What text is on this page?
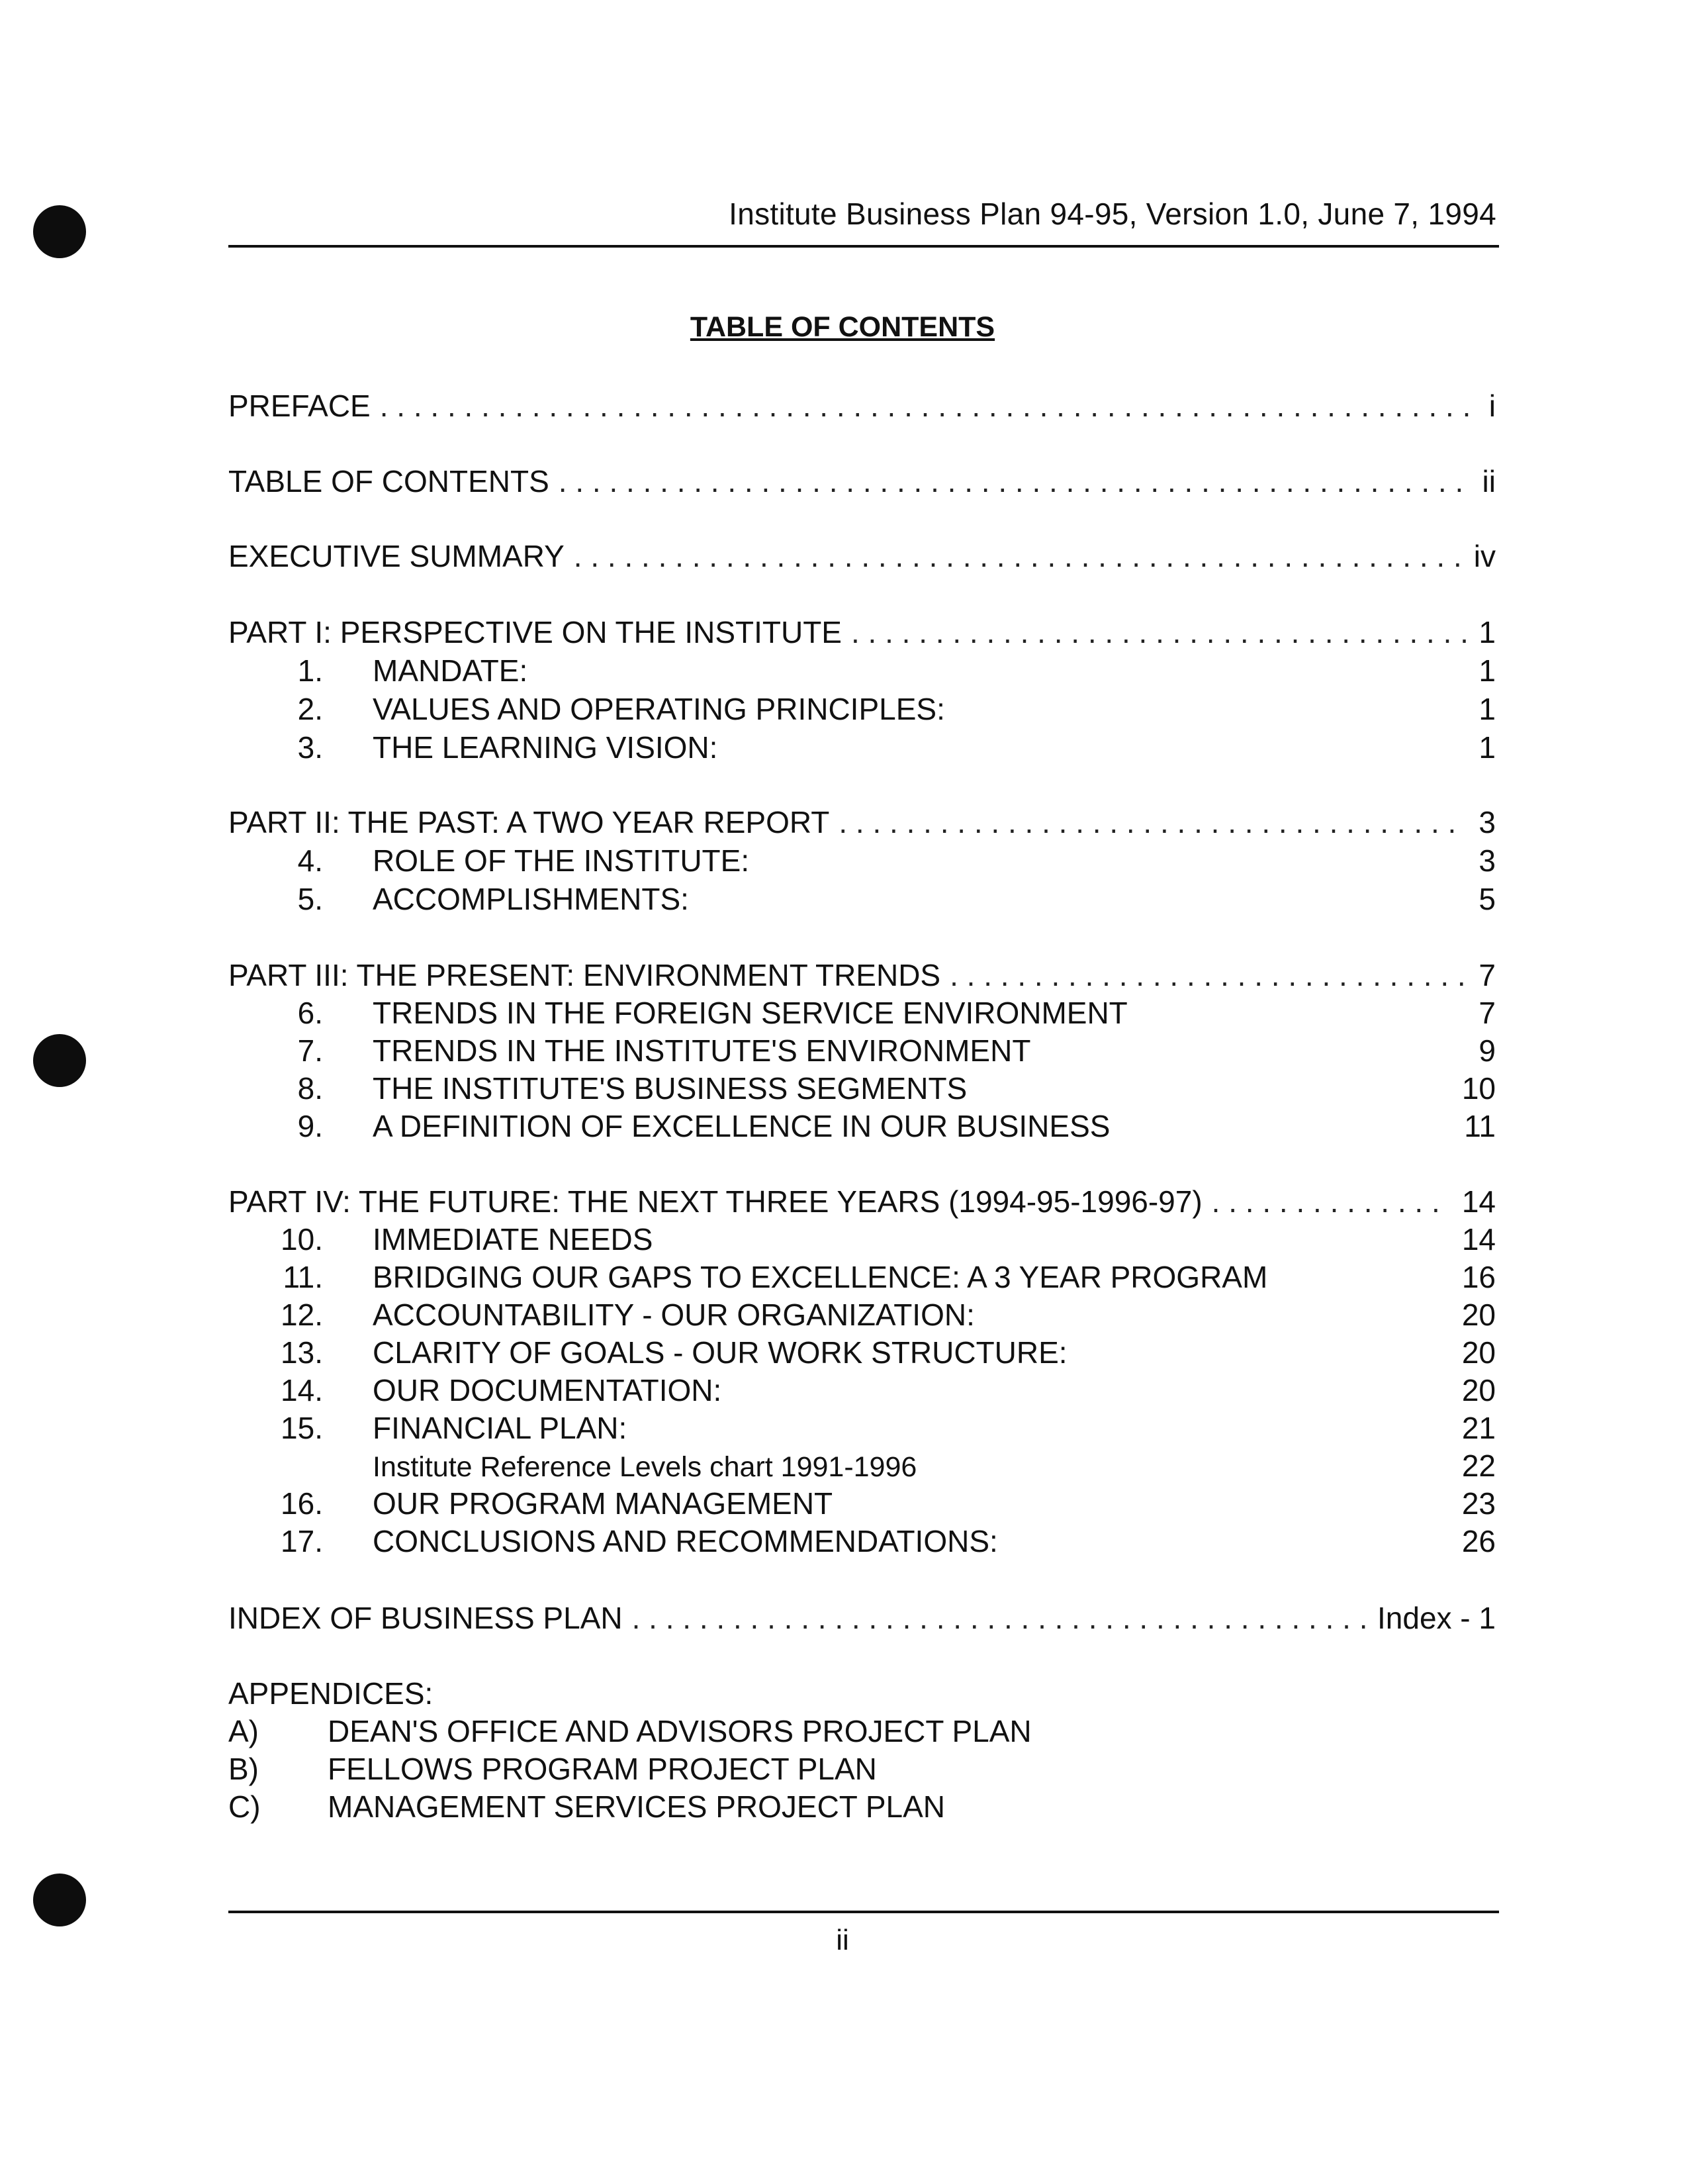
Institute Business Plan 94-95, Version 1.0, June 7, 1994
TABLE OF CONTENTS
PREFACE . . .	i
TABLE OF CONTENTS . . .	ii
EXECUTIVE SUMMARY . . .	iv
PART I: PERSPECTIVE ON THE INSTITUTE . . .	1
1. MANDATE:	1
2. VALUES AND OPERATING PRINCIPLES:	1
3. THE LEARNING VISION:	1
PART II: THE PAST: A TWO YEAR REPORT . . .	3
4. ROLE OF THE INSTITUTE:	3
5. ACCOMPLISHMENTS:	5
PART III: THE PRESENT: ENVIRONMENT TRENDS . . .	7
6. TRENDS IN THE FOREIGN SERVICE ENVIRONMENT	7
7. TRENDS IN THE INSTITUTE'S ENVIRONMENT	9
8. THE INSTITUTE'S BUSINESS SEGMENTS	10
9. A DEFINITION OF EXCELLENCE IN OUR BUSINESS	11
PART IV: THE FUTURE: THE NEXT THREE YEARS (1994-95-1996-97) . . .	14
10. IMMEDIATE NEEDS	14
11. BRIDGING OUR GAPS TO EXCELLENCE: A 3 YEAR PROGRAM	16
12. ACCOUNTABILITY - OUR ORGANIZATION:	20
13. CLARITY OF GOALS - OUR WORK STRUCTURE:	20
14. OUR DOCUMENTATION:	20
15. FINANCIAL PLAN:	21
Institute Reference Levels chart 1991-1996	22
16. OUR PROGRAM MANAGEMENT	23
17. CONCLUSIONS AND RECOMMENDATIONS:	26
INDEX OF BUSINESS PLAN . . .	Index - 1
APPENDICES:
A)	DEAN'S OFFICE AND ADVISORS PROJECT PLAN
B)	FELLOWS PROGRAM PROJECT PLAN
C)	MANAGEMENT SERVICES PROJECT PLAN
ii
